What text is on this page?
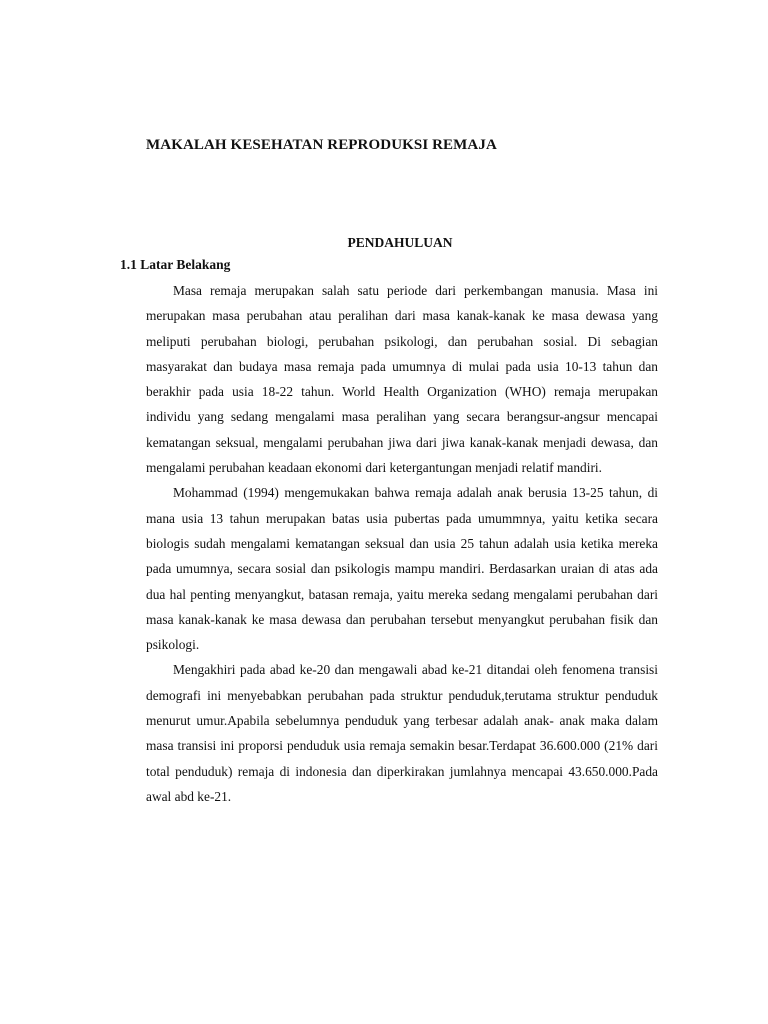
MAKALAH KESEHATAN REPRODUKSI REMAJA
PENDAHULUAN
1.1 Latar Belakang

Masa remaja merupakan salah satu periode dari perkembangan manusia. Masa ini merupakan masa perubahan atau peralihan dari masa kanak-kanak ke masa dewasa yang meliputi perubahan biologi, perubahan psikologi, dan perubahan sosial. Di sebagian masyarakat dan budaya masa remaja pada umumnya di mulai pada usia 10-13 tahun dan berakhir pada usia 18-22 tahun. World Health Organization (WHO) remaja merupakan individu yang sedang mengalami masa peralihan yang secara berangsur-angsur mencapai kematangan seksual, mengalami perubahan jiwa dari jiwa kanak-kanak menjadi dewasa, dan mengalami perubahan keadaan ekonomi dari ketergantungan menjadi relatif mandiri.

Mohammad (1994) mengemukakan bahwa remaja adalah anak berusia 13-25 tahun, di mana usia 13 tahun merupakan batas usia pubertas pada umummnya, yaitu ketika secara biologis sudah mengalami kematangan seksual dan usia 25 tahun adalah usia ketika mereka pada umumnya, secara sosial dan psikologis mampu mandiri. Berdasarkan uraian di atas ada dua hal penting menyangkut, batasan remaja, yaitu mereka sedang mengalami perubahan dari masa kanak-kanak ke masa dewasa dan perubahan tersebut menyangkut perubahan fisik dan psikologi.

Mengakhiri pada abad ke-20 dan mengawali abad ke-21 ditandai oleh fenomena transisi demografi ini menyebabkan perubahan pada struktur penduduk,terutama struktur penduduk menurut umur.Apabila sebelumnya penduduk yang terbesar adalah anak- anak maka dalam masa transisi ini proporsi penduduk usia remaja semakin besar.Terdapat 36.600.000 (21% dari total penduduk) remaja di indonesia dan diperkirakan jumlahnya mencapai 43.650.000.Pada awal abd ke-21.
